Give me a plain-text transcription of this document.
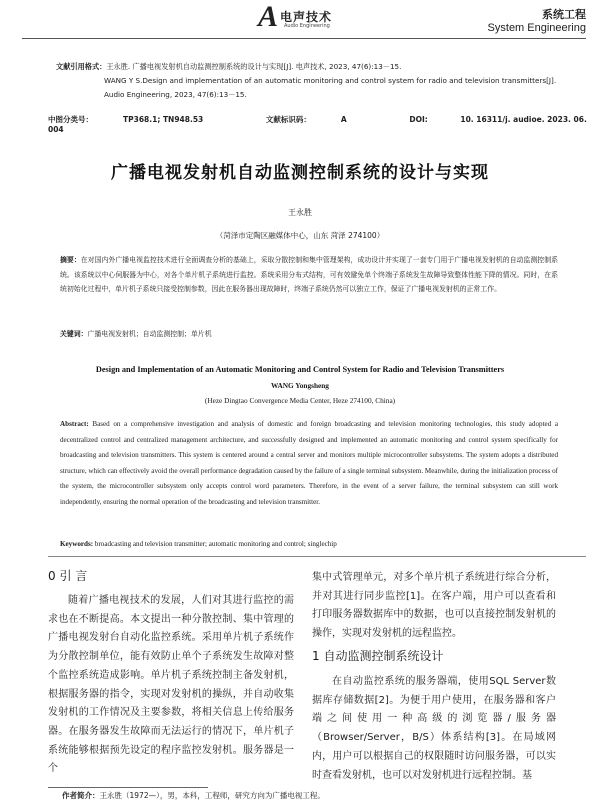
A 电声技术
Audio Engineering
系统工程
System Engineering
文献引用格式：王永胜. 广播电视发射机自动监测控制系统的设计与实现[J]. 电声技术, 2023, 47(6):13－15.
WANG Y S.Design and implementation of an automatic monitoring and control system for radio and television transmitters[J].
Audio Engineering, 2023, 47(6):13－15.
中图分类号：	TP368.1; TN948.53	文献标识码：	A	DOI:	10. 16311/j. audioe. 2023. 06. 004
广播电视发射机自动监测控制系统的设计与实现
王永胜
（菏泽市定陶区融媒体中心，山东 菏泽 274100）
摘要：在对国内外广播电视监控技术进行全面调查分析的基础上，采取分散控制和集中管理架构，成功设计并实现了一套专门用于广播电视发射机的自动监测控制系统。该系统以中心伺服器为中心，对各个单片机子系统进行监控。系统采用分布式结构，可有效避免单个终端子系统发生故障导致整体性能下降的情况。同时，在系统初始化过程中，单片机子系统只接受控制参数，因此在服务器出现故障时，终端子系统仍然可以独立工作，保证了广播电视发射机的正常工作。
关键词：广播电视发射机；自动监测控制；单片机
Design and Implementation of an Automatic Monitoring and Control System for Radio and Television Transmitters
WANG Yongsheng
(Heze Dingtao Convergence Media Center, Heze 274100, China)
Abstract: Based on a comprehensive investigation and analysis of domestic and foreign broadcasting and television monitoring technologies, this study adopted a decentralized control and centralized management architecture, and successfully designed and implemented an automatic monitoring and control system specifically for broadcasting and television transmitters. This system is centered around a central server and monitors multiple microcontroller subsystems. The system adopts a distributed structure, which can effectively avoid the overall performance degradation caused by the failure of a single terminal subsystem. Meanwhile, during the initialization process of the system, the microcontroller subsystem only accepts control word parameters. Therefore, in the event of a server failure, the terminal subsystem can still work independently, ensuring the normal operation of the broadcasting and television transmitter.
Keywords: broadcasting and television transmitter; automatic monitoring and control; singlechip
0 引 言
随着广播电视技术的发展，人们对其进行监控的需求也在不断提高。本文提出一种分散控制、集中管理的广播电视发射台自动化监控系统。采用单片机子系统作为分散控制单位，能有效防止单个子系统发生故障对整个监控系统造成影响。单片机子系统控制主备发射机，根据服务器的指令，实现对发射机的操纵，并自动收集发射机的工作情况及主要参数，将相关信息上传给服务器。在服务器发生故障而无法运行的情况下，单片机子系统能够根据预先设定的程序监控发射机。服务器是一个
集中式管理单元，对多个单片机子系统进行综合分析，并对其进行同步监控[1]。在客户端，用户可以查看和打印服务器数据库中的数据，也可以直接控制发射机的操作，实现对发射机的远程监控。
1 自动监测控制系统设计
在自动监控系统的服务器端，使用SQL Server数据库存储数据[2]。为便于用户使用，在服务器和客户端之间使用一种高级的浏览器/服务器（Browser/Server，B/S）体系结构[3]。在局域网内，用户可以根据自己的权限随时访问服务器，可以实时查看发射机，也可以对发射机进行远程控制。基
作者简介：王永胜（1972—），男，本科，工程师，研究方向为广播电视工程。
